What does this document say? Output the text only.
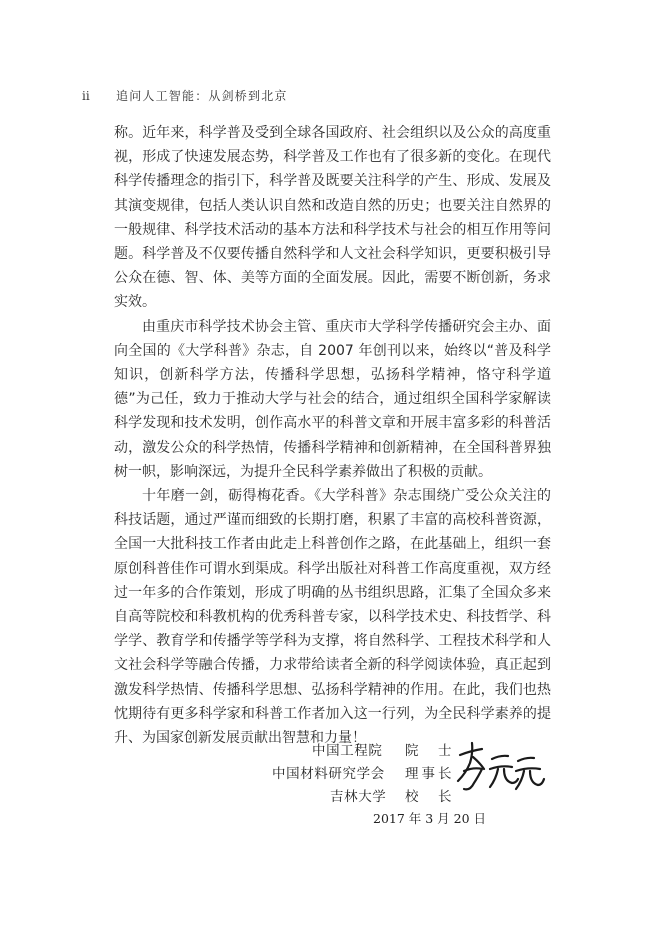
ii 追问人工智能：从剑桥到北京

称。近年来，科学普及受到全球各国政府、社会组织以及公众的高度重视，形成了快速发展态势，科学普及工作也有了很多新的变化。在现代科学传播理念的指引下，科学普及既要关注科学的产生、形成、发展及其演变规律，包括人类认识自然和改造自然的历史；也要关注自然界的一般规律、科学技术活动的基本方法和科学技术与社会的相互作用等问题。科学普及不仅要传播自然科学和人文社会科学知识，更要积极引导公众在德、智、体、美等方面的全面发展。因此，需要不断创新，务求实效。

由重庆市科学技术协会主管、重庆市大学科学传播研究会主办、面向全国的《大学科普》杂志，自 2007 年创刊以来，始终以“普及科学知识，创新科学方法，传播科学思想，弘扬科学精神，恪守科学道德”为己任，致力于推动大学与社会的结合，通过组织全国科学家解读科学发现和技术发明，创作高水平的科普文章和开展丰富多彩的科普活动，激发公众的科学热情，传播科学精神和创新精神，在全国科普界独树一帜，影响深远，为提升全民科学素养做出了积极的贡献。

十年磨一剑，砺得梅花香。《大学科普》杂志围绕广受公众关注的科技话题，通过严谨而细致的长期打磨，积累了丰富的高校科普资源，全国一大批科技工作者由此走上科普创作之路，在此基础上，组织一套原创科普佳作可谓水到渠成。科学出版社对科普工作高度重视，双方经过一年多的合作策划，形成了明确的丛书组织思路，汇集了全国众多来自高等院校和科教机构的优秀科普专家，以科学技术史、科技哲学、科学学、教育学和传播学等学科为支撑，将自然科学、工程技术科学和人文社会科学等融合传播，力求带给读者全新的科学阅读体验，真正起到激发科学热情、传播科学思想、弘扬科学精神的作用。在此，我们也热忱期待有更多科学家和科普工作者加入这一行列，为全民科学素养的提升、为国家创新发展贡献出智慧和力量！

中国工程院 院　士
中国材料研究学会 理事长
吉林大学 校　长
2017 年 3 月 20 日
